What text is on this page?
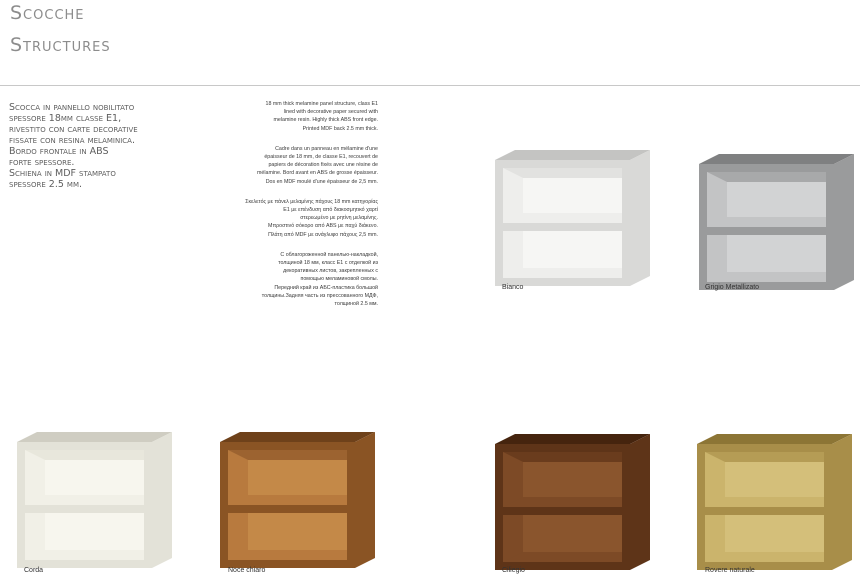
Scocche
Structures
Scocca in pannello nobilitato
spessore 18mm classe E1,
rivestito con carte decorative
fissate con resina melaminica.
Bordo frontale in ABS
forte spessore.
Schiena in MDF stampato
spessore 2.5 mm.

18 mm thick melamine panel structure, class E1
lined with decorative paper secured with
melamine resin. Highly thick ABS front edge.
Printed MDF back 2.5 mm thick.

Cadre dans un panneau en mélamine d'une
épaisseur de 18 mm, de classe E1, recouvert de
papiers de décoration fixés avec une résine de
mélamine. Bord avant en ABS de grosse épaisseur.
Dos en MDF moulé d'une épaisseur de 2,5 mm.

Σκελετός με πάνελ μελαμίνης πάχους 18 mm κατηγορίας
E1 με επένδυση από διακοσμητικό χαρτί
στερεωμένο με ρητίνη μελαμίνης.
Μπροστινό σόκορο από ABS με παχύ διάκενο.
Πλάτη από MDF με ανάγλυφο πάχους 2,5 mm.

С облагороженной панелью-накладкой,
толщиной 18 мм, класс E1 с отделкой из
декоративных листов, закрепленных с
помощью меламиновой смолы.
Передний край из АБС-пластика большой
толщины.Задняя часть из прессованного МДФ,
толщиной 2.5 мм.

Bianco	Grigio Metallizato
Corda	Noce chiaro	Ciliegio	Rovere naturale
